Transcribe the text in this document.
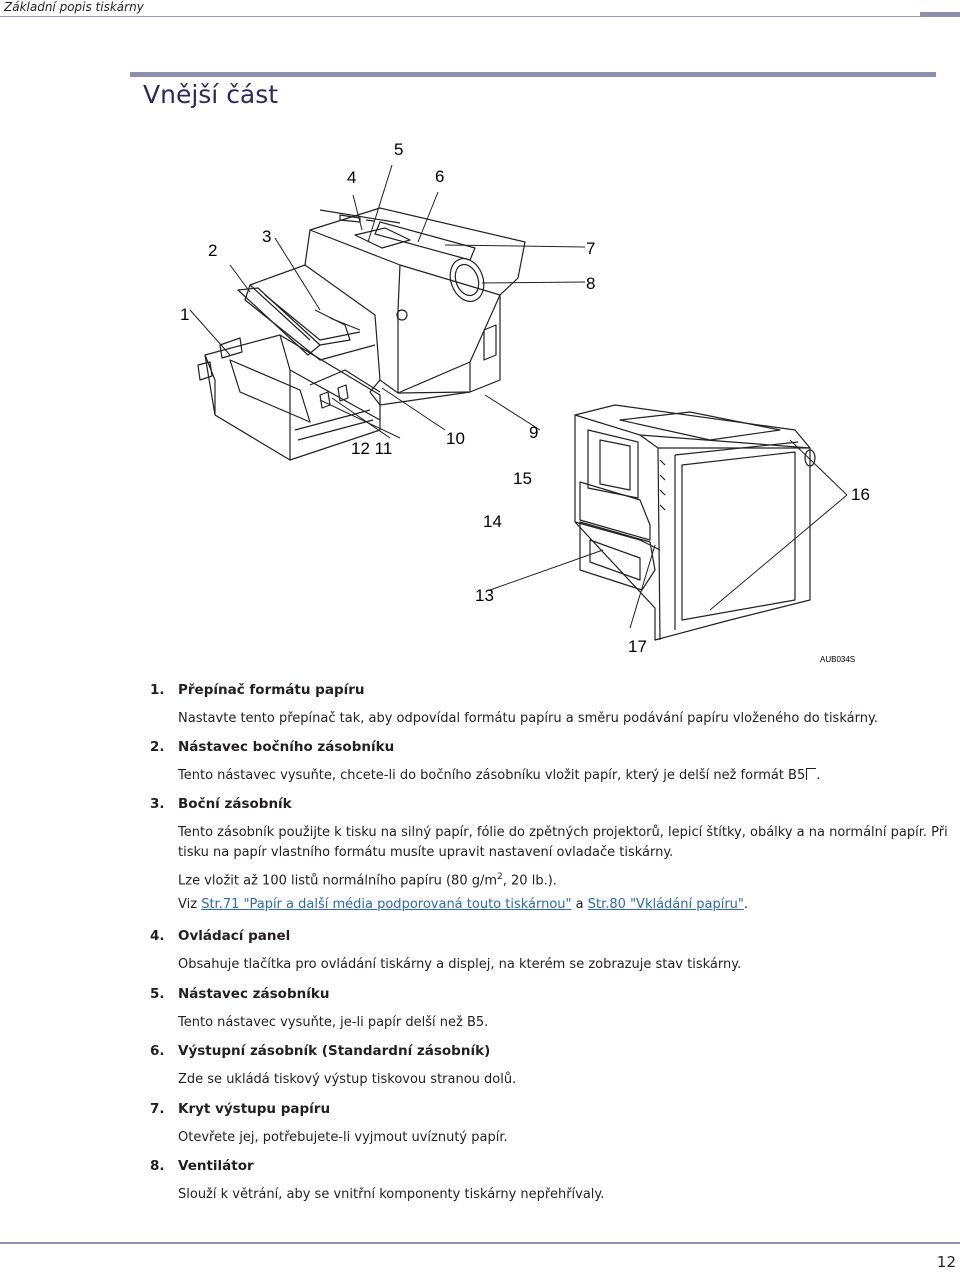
Základní popis tiskárny
Vnější část
1
2
3
4
5
6
7
8
9
10
12 11
13
14
15
16
17
AUB034S
1. Přepínač formátu papíru
Nastavte tento přepínač tak, aby odpovídal formátu papíru a směru podávání papíru vloženého do tiskárny.
2. Nástavec bočního zásobníku
Tento nástavec vysuňte, chcete-li do bočního zásobníku vložit papír, který je delší než formát B5 .
3. Boční zásobník
Tento zásobník použijte k tisku na silný papír, fólie do zpětných projektorů, lepicí štítky, obálky a na normální papír. Při
tisku na papír vlastního formátu musíte upravit nastavení ovladače tiskárny.
Lze vložit až 100 listů normálního papíru (80 $g/m^2$, 20 lb.).
Viz Str.71 "Papír a další média podporovaná touto tiskárnou" a Str.80 "Vkládání papíru".
4. Ovládací panel
Obsahuje tlačítka pro ovládání tiskárny a displej, na kterém se zobrazuje stav tiskárny.
5. Nástavec zásobníku
Tento nástavec vysuňte, je-li papír delší než B5.
6. Výstupní zásobník (Standardní zásobník)
Zde se ukládá tiskový výstup tiskovou stranou dolů.
7. Kryt výstupu papíru
Otevřete jej, potřebujete-li vyjmout uvíznutý papír.
8. Ventilátor
Slouží k větrání, aby se vnitřní komponenty tiskárny nepřehřívaly.
12
